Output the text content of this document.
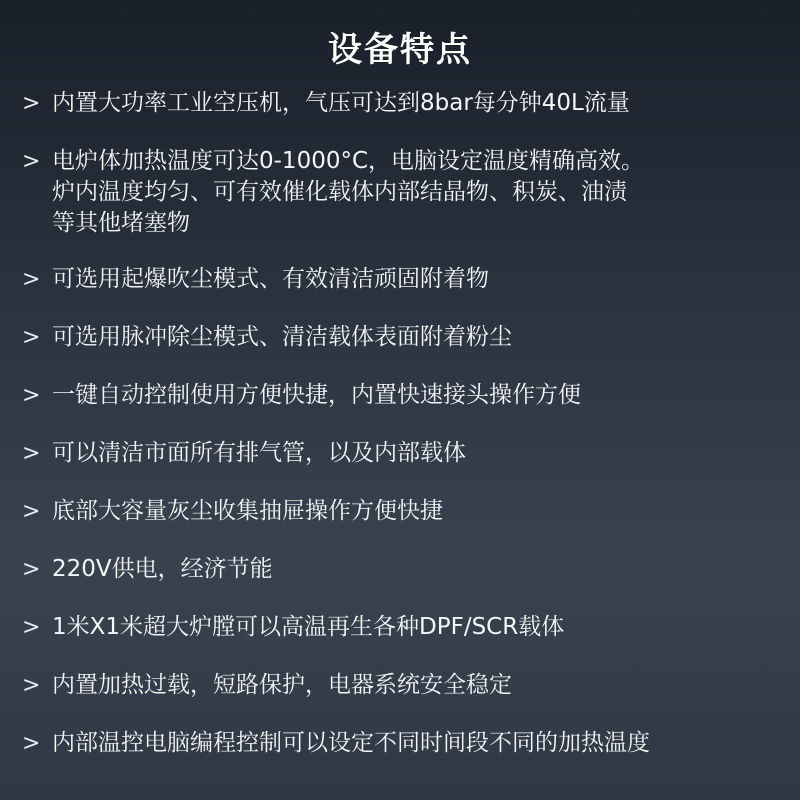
设备特点
> 内置大功率工业空压机，气压可达到8bar每分钟40L流量
> 电炉体加热温度可达0-1000°C，电脑设定温度精确高效。
炉内温度均匀、可有效催化载体内部结晶物、积炭、油渍
等其他堵塞物
> 可选用起爆吹尘模式、有效清洁顽固附着物
> 可选用脉冲除尘模式、清洁载体表面附着粉尘
> 一键自动控制使用方便快捷，内置快速接头操作方便
> 可以清洁市面所有排气管，以及内部载体
> 底部大容量灰尘收集抽屉操作方便快捷
> 220V供电，经济节能
> 1米X1米超大炉膛可以高温再生各种DPF/SCR载体
> 内置加热过载，短路保护，电器系统安全稳定
> 内部温控电脑编程控制可以设定不同时间段不同的加热温度
